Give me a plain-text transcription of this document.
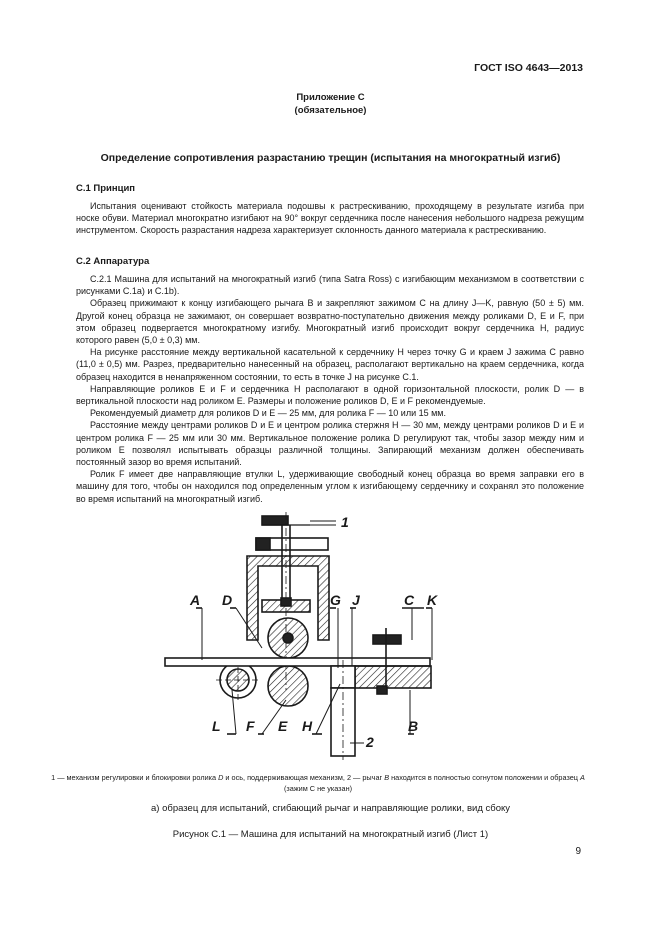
ГОСТ ISO 4643—2013
Приложение C
(обязательное)
Определение сопротивления разрастанию трещин (испытания на многократный изгиб)
C.1 Принцип

Испытания оценивают стойкость материала подошвы к растрескиванию, проходящему в результате изгиба при носке обуви. Материал многократно изгибают на 90° вокруг сердечника после нанесения небольшого надреза режущим инструментом. Скорость разрастания надреза характеризует склонность данного материала к растрескиванию.

C.2 Аппаратура

C.2.1 Машина для испытаний на многократный изгиб (типа Satra Ross) с изгибающим механизмом в соответствии с рисунками C.1a) и C.1b).

Образец прижимают к концу изгибающего рычага B и закрепляют зажимом C на длину J—K, равную (50 ± 5) мм. Другой конец образца не зажимают, он совершает возвратно-поступательно движения между роликами D, E и F, при этом образец подвергается многократному изгибу. Многократный изгиб происходит вокруг сердечника H, радиус которого равен (5,0 ± 0,3) мм.

На рисунке расстояние между вертикальной касательной к сердечнику H через точку G и краем J зажима C равно (11,0 ± 0,5) мм. Разрез, предварительно нанесенный на образец, располагают вертикально на краем сердечника, когда образец находится в ненапряженном состоянии, то есть в точке J на рисунке C.1.

Направляющие роликов E и F и сердечника H располагают в одной горизонтальной плоскости, ролик D — в вертикальной плоскости над роликом E. Размеры и положение роликов D, E и F рекомендуемые.

Рекомендуемый диаметр для роликов D и E — 25 мм, для ролика F — 10 или 15 мм.

Расстояние между центрами роликов D и E и центром ролика стержня H — 30 мм, между центрами роликов D и E и центром ролика F — 25 мм или 30 мм. Вертикальное положение ролика D регулируют так, чтобы зазор между ним и роликом E позволял испытывать образцы различной толщины. Запирающий механизм должен обеспечивать постоянный зазор во время испытаний.

Ролик F имеет две направляющие втулки L, удерживающие свободный конец образца во время заправки его в машину для того, чтобы он находился под определенным углом к изгибающему сердечнику и сохранял это положение во время испытаний на многократный изгиб.

1
2
A D	G J	C K
L F E H	B
1 — механизм регулировки и блокировки ролика D и ось, поддерживающая механизм, 2 — рычаг B находится в полностью согнутом положении и образец A (зажим C не указан)
a) образец для испытаний, сгибающий рычаг и направляющие ролики, вид сбоку
Рисунок C.1 — Машина для испытаний на многократный изгиб (Лист 1)
9
